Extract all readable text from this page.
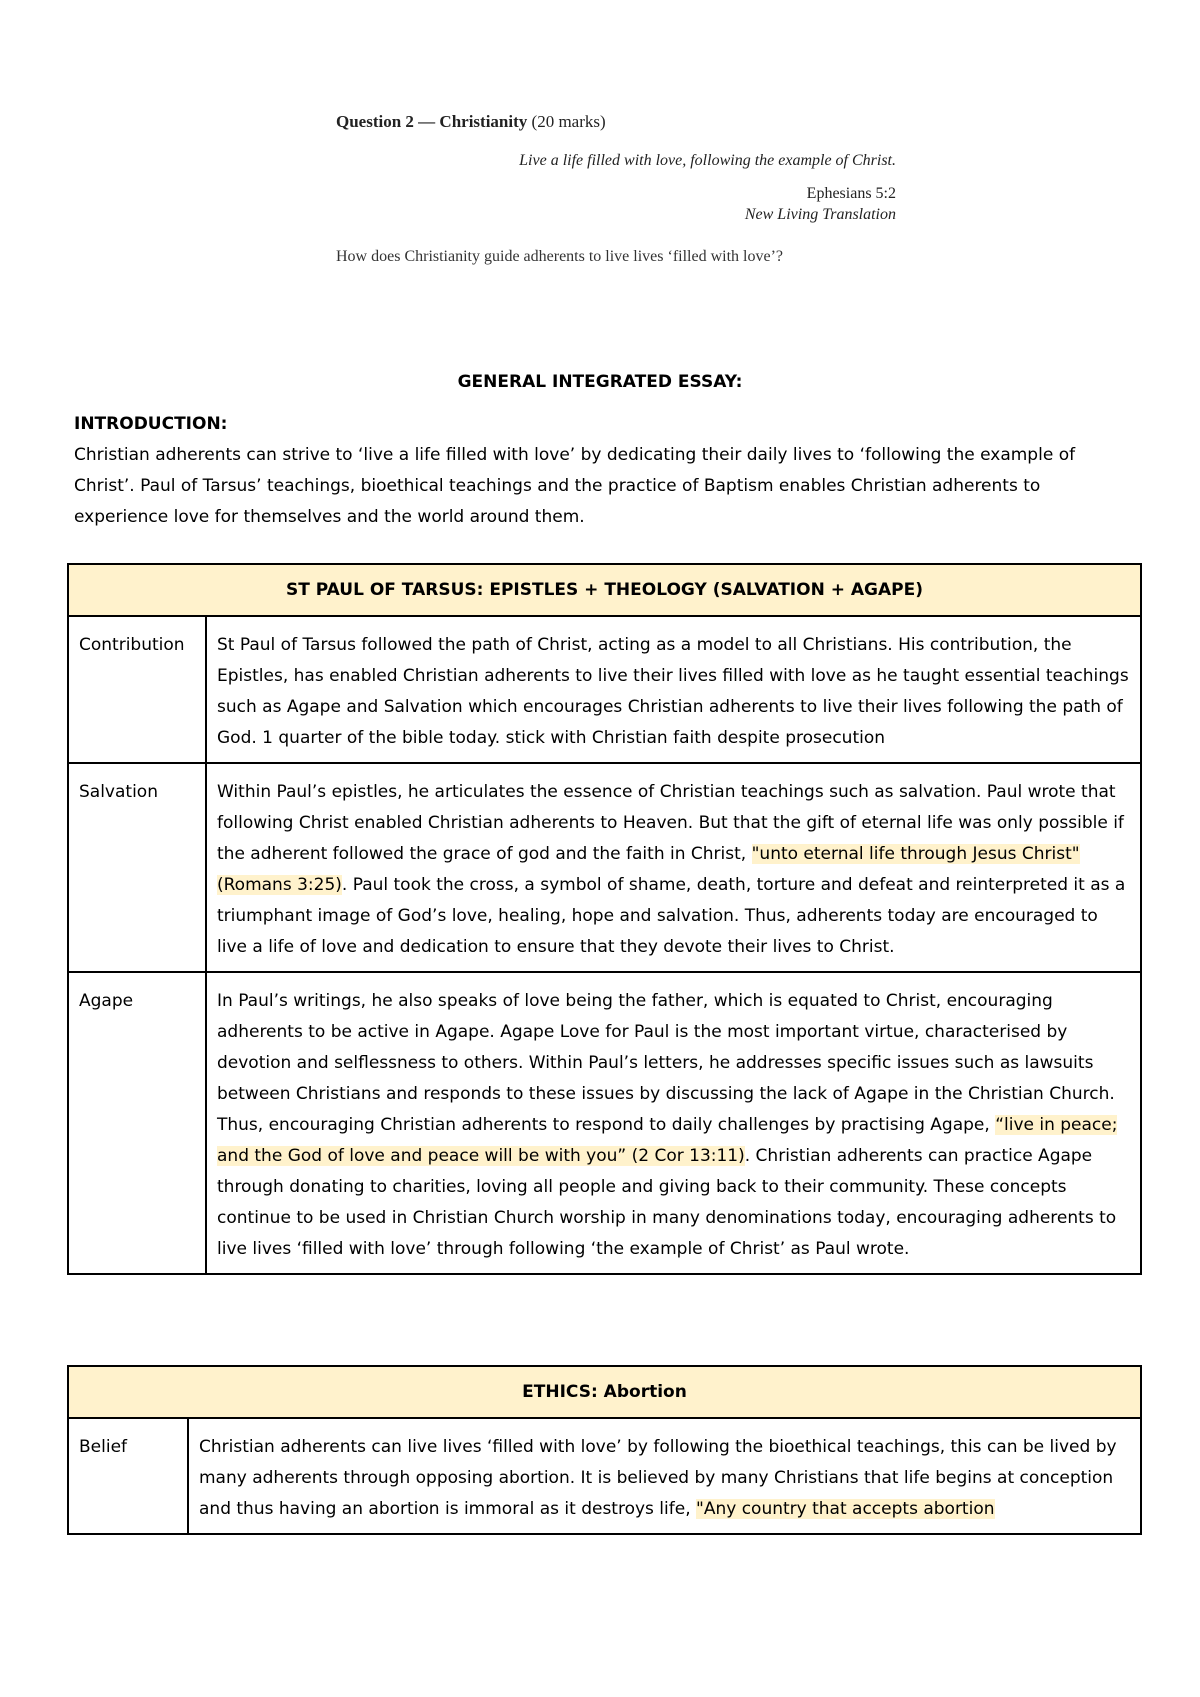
Question 2 — Christianity (20 marks)

Live a life filled with love, following the example of Christ.
Ephesians 5:2
New Living Translation
How does Christianity guide adherents to live lives ‘filled with love’?
GENERAL INTEGRATED ESSAY:
INTRODUCTION:

Christian adherents can strive to ‘live a life filled with love’ by dedicating their daily lives to ‘following the example of Christ’. Paul of Tarsus’ teachings, bioethical teachings and the practice of Baptism enables Christian adherents to experience love for themselves and the world around them.

ST PAUL OF TARSUS: EPISTLES + THEOLOGY (SALVATION + AGAPE)	
Contribution	St Paul of Tarsus followed the path of Christ, acting as a model to all Christians. His contribution, the Epistles, has enabled Christian adherents to live their lives filled with love as he taught essential teachings such as Agape and Salvation which encourages Christian adherents to live their lives following the path of God. 1 quarter of the bible today. stick with Christian faith despite prosecution
Salvation	Within Paul’s epistles, he articulates the essence of Christian teachings such as salvation. Paul wrote that following Christ enabled Christian adherents to Heaven. But that the gift of eternal life was only possible if the adherent followed the grace of god and the faith in Christ, "unto eternal life through Jesus Christ" (Romans 3:25). Paul took the cross, a symbol of shame, death, torture and defeat and reinterpreted it as a triumphant image of God’s love, healing, hope and salvation. Thus, adherents today are encouraged to live a life of love and dedication to ensure that they devote their lives to Christ.
Agape	In Paul’s writings, he also speaks of love being the father, which is equated to Christ, encouraging adherents to be active in Agape. Agape Love for Paul is the most important virtue, characterised by devotion and selflessness to others. Within Paul’s letters, he addresses specific issues such as lawsuits between Christians and responds to these issues by discussing the lack of Agape in the Christian Church. Thus, encouraging Christian adherents to respond to daily challenges by practising Agape, “live in peace; and the God of love and peace will be with you” (2 Cor 13:11). Christian adherents can practice Agape through donating to charities, loving all people and giving back to their community. These concepts continue to be used in Christian Church worship in many denominations today, encouraging adherents to live lives ‘filled with love’ through following ‘the example of Christ’ as Paul wrote.
ETHICS: Abortion
Belief	Christian adherents can live lives ‘filled with love’ by following the bioethical teachings, this can be lived by many adherents through opposing abortion. It is believed by many Christians that life begins at conception and thus having an abortion is immoral as it destroys life, "Any country that accepts abortion
